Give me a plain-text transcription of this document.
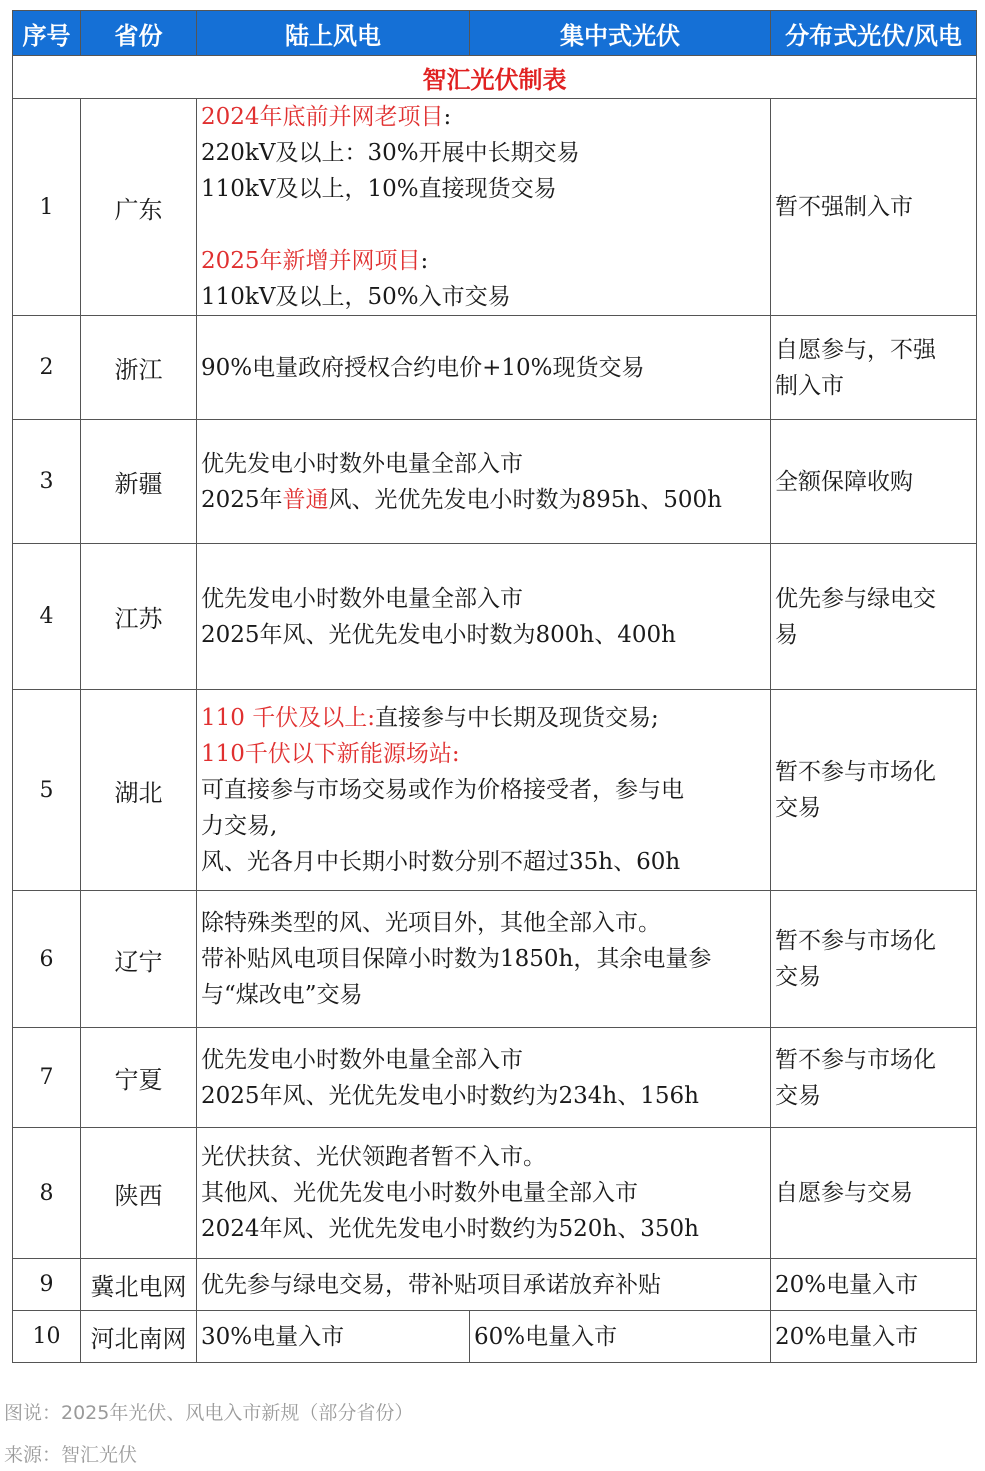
序号	省份	陆上风电	集中式光伏	分布式光伏/风电
智汇光伏制表				
1	广东	2024年底前并网老项目:
220kV及以上：30%开展中长期交易
110kV及以上，10%直接现货交易
2025年新增并网项目:
110kV及以上，50%入市交易		暂不强制入市

2	浙江	90%电量政府授权合约电价+10%现货交易		自愿参与，不强
制入市

3	新疆	优先发电小时数外电量全部入市
2025年普通风、光优先发电小时数为895h、500h		全额保障收购

4	江苏	优先发电小时数外电量全部入市
2025年风、光优先发电小时数为800h、400h		优先参与绿电交
易

5	湖北	110 千伏及以上:直接参与中长期及现货交易;
110千伏以下新能源场站:
可直接参与市场交易或作为价格接受者，参与电
力交易,
风、光各月中长期小时数分别不超过35h、60h		暂不参与市场化
交易

6	辽宁	除特殊类型的风、光项目外，其他全部入市。
带补贴风电项目保障小时数为1850h，其余电量参
与“煤改电”交易		暂不参与市场化
交易

7	宁夏	优先发电小时数外电量全部入市
2025年风、光优先发电小时数约为234h、156h		暂不参与市场化
交易

8	陕西	光伏扶贫、光伏领跑者暂不入市。
其他风、光优先发电小时数外电量全部入市
2024年风、光优先发电小时数约为520h、350h		自愿参与交易

9	冀北电网	优先参与绿电交易，带补贴项目承诺放弃补贴		20%电量入市

10	河北南网	30%电量入市	60%电量入市	20%电量入市
图说：2025年光伏、风电入市新规（部分省份）
来源：智汇光伏
